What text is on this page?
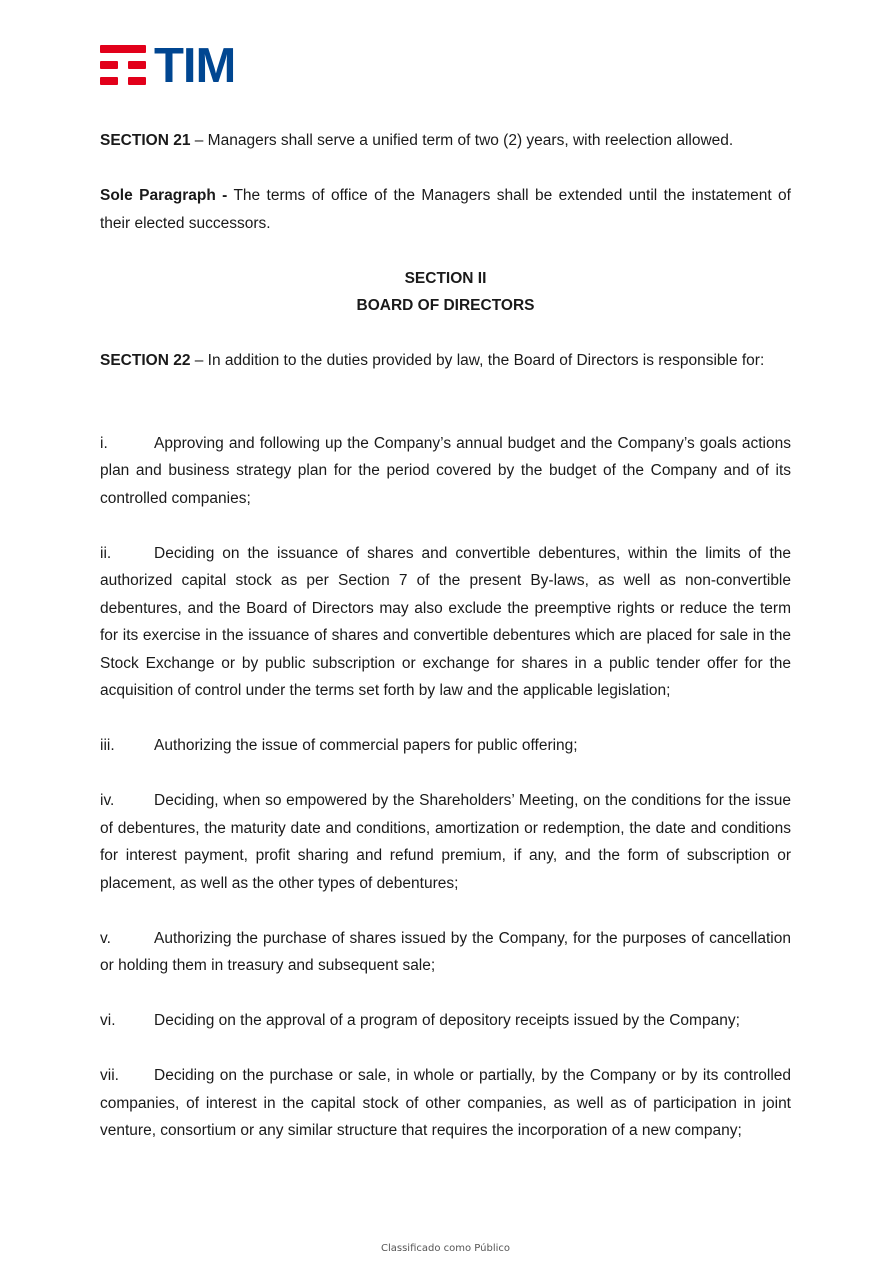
TIM

SECTION 21 – Managers shall serve a unified term of two (2) years, with reelection allowed.

Sole Paragraph - The terms of office of the Managers shall be extended until the instatement of their elected successors.

SECTION II

BOARD OF DIRECTORS

SECTION 22 – In addition to the duties provided by law, the Board of Directors is responsible for:

i.	Approving and following up the Company’s annual budget and the Company’s goals actions plan and business strategy plan for the period covered by the budget of the Company and of its controlled companies;

ii.	Deciding on the issuance of shares and convertible debentures, within the limits of the authorized capital stock as per Section 7 of the present By-laws, as well as non-convertible debentures, and the Board of Directors may also exclude the preemptive rights or reduce the term for its exercise in the issuance of shares and convertible debentures which are placed for sale in the Stock Exchange or by public subscription or exchange for shares in a public tender offer for the acquisition of control under the terms set forth by law and the applicable legislation;

iii.	Authorizing the issue of commercial papers for public offering;

iv.	Deciding, when so empowered by the Shareholders’ Meeting, on the conditions for the issue of debentures, the maturity date and conditions, amortization or redemption, the date and conditions for interest payment, profit sharing and refund premium, if any, and the form of subscription or placement, as well as the other types of debentures;

v.	Authorizing the purchase of shares issued by the Company, for the purposes of cancellation or holding them in treasury and subsequent sale;

vi. Deciding on the approval of a program of depository receipts issued by the Company;

vii. Deciding on the purchase or sale, in whole or partially, by the Company or by its controlled companies, of interest in the capital stock of other companies, as well as of participation in joint venture, consortium or any similar structure that requires the incorporation of a new company;

Classificado como Público
